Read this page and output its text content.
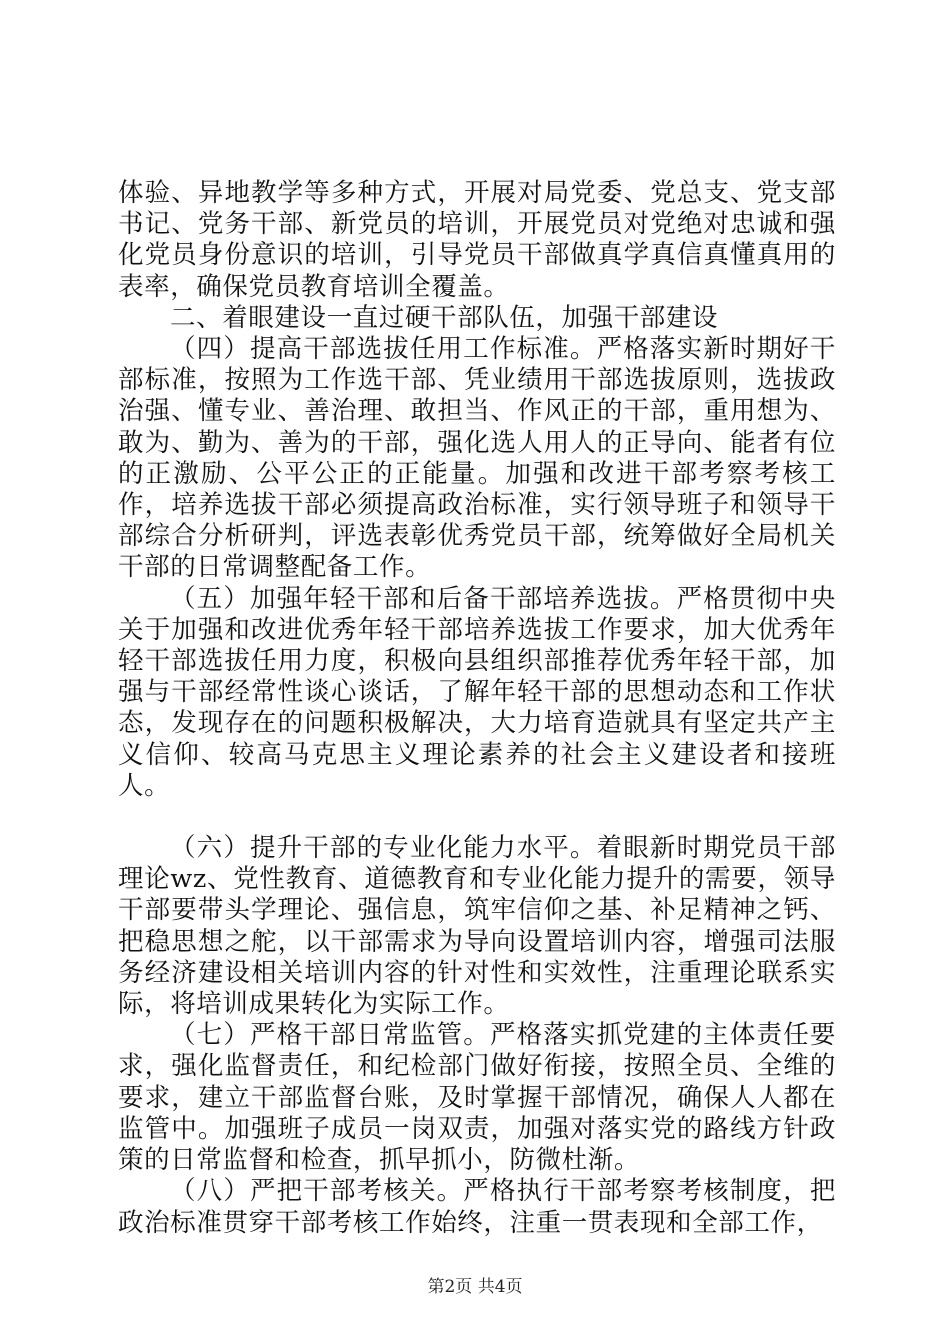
体验、异地教学等多种方式，开展对局党委、党总支、党支部书记、党务干部、新党员的培训，开展党员对党绝对忠诚和强化党员身份意识的培训，引导党员干部做真学真信真懂真用的表率，确保党员教育培训全覆盖。

二、着眼建设一直过硬干部队伍，加强干部建设

（四）提高干部选拔任用工作标准。严格落实新时期好干部标准，按照为工作选干部、凭业绩用干部选拔原则，选拔政治强、懂专业、善治理、敢担当、作风正的干部，重用想为、敢为、勤为、善为的干部，强化选人用人的正导向、能者有位的正激励、公平公正的正能量。加强和改进干部考察考核工作，培养选拔干部必须提高政治标准，实行领导班子和领导干部综合分析研判，评选表彰优秀党员干部，统筹做好全局机关干部的日常调整配备工作。

（五）加强年轻干部和后备干部培养选拔。严格贯彻中央关于加强和改进优秀年轻干部培养选拔工作要求，加大优秀年轻干部选拔任用力度，积极向县组织部推荐优秀年轻干部，加强与干部经常性谈心谈话，了解年轻干部的思想动态和工作状态，发现存在的问题积极解决，大力培育造就具有坚定共产主义信仰、较高马克思主义理论素养的社会主义建设者和接班人。

（六）提升干部的专业化能力水平。着眼新时期党员干部理论wz、党性教育、道德教育和专业化能力提升的需要，领导干部要带头学理论、强信息，筑牢信仰之基、补足精神之钙、把稳思想之舵，以干部需求为导向设置培训内容，增强司法服务经济建设相关培训内容的针对性和实效性，注重理论联系实际，将培训成果转化为实际工作。

（七）严格干部日常监管。严格落实抓党建的主体责任要求，强化监督责任，和纪检部门做好衔接，按照全员、全维的要求，建立干部监督台账，及时掌握干部情况，确保人人都在监管中。加强班子成员一岗双责，加强对落实党的路线方针政策的日常监督和检查，抓早抓小，防微杜渐。

（八）严把干部考核关。严格执行干部考察考核制度，把政治标准贯穿干部考核工作始终，注重一贯表现和全部工作，

第2页 共4页
